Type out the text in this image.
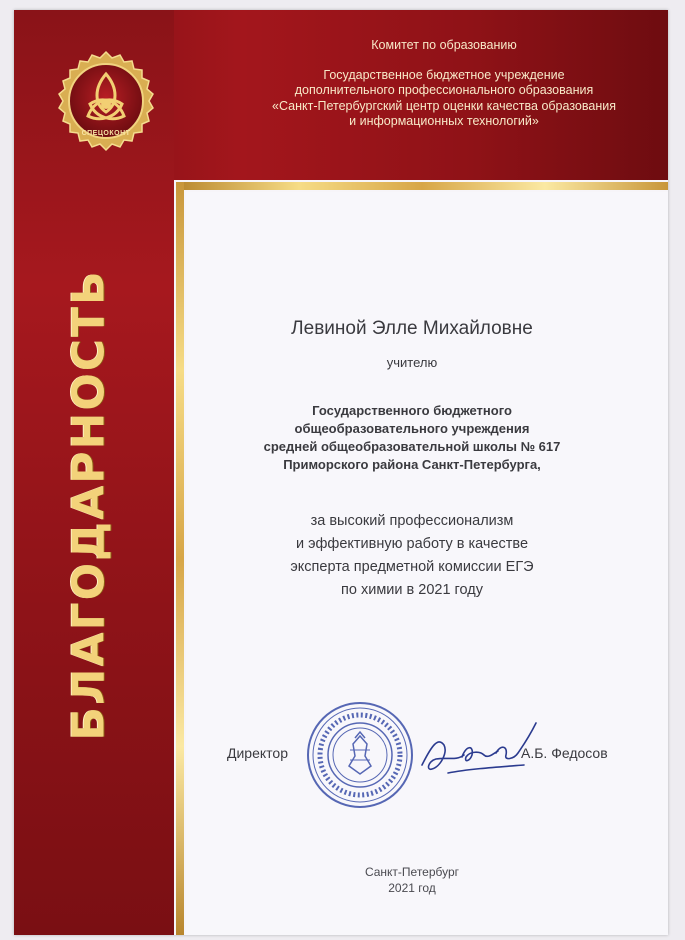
СПЕЦОКОНТ
Комитет по образованию
Государственное бюджетное учреждение
дополнительного профессионального образования
«Санкт-Петербургский центр оценки качества образования
и информационных технологий»
БЛАГОДАРНОСТЬ	Левиной Элле Михайловне
учителю
Государственного бюджетного
общеобразовательного учреждения
средней общеобразовательной школы № 617
Приморского района Санкт-Петербурга,
за высокий профессионализм
и эффективную работу в качестве
эксперта предметной комиссии ЕГЭ
по химии в 2021 году
Директор	А.Б. Федосов
Санкт-Петербург
2021 год
